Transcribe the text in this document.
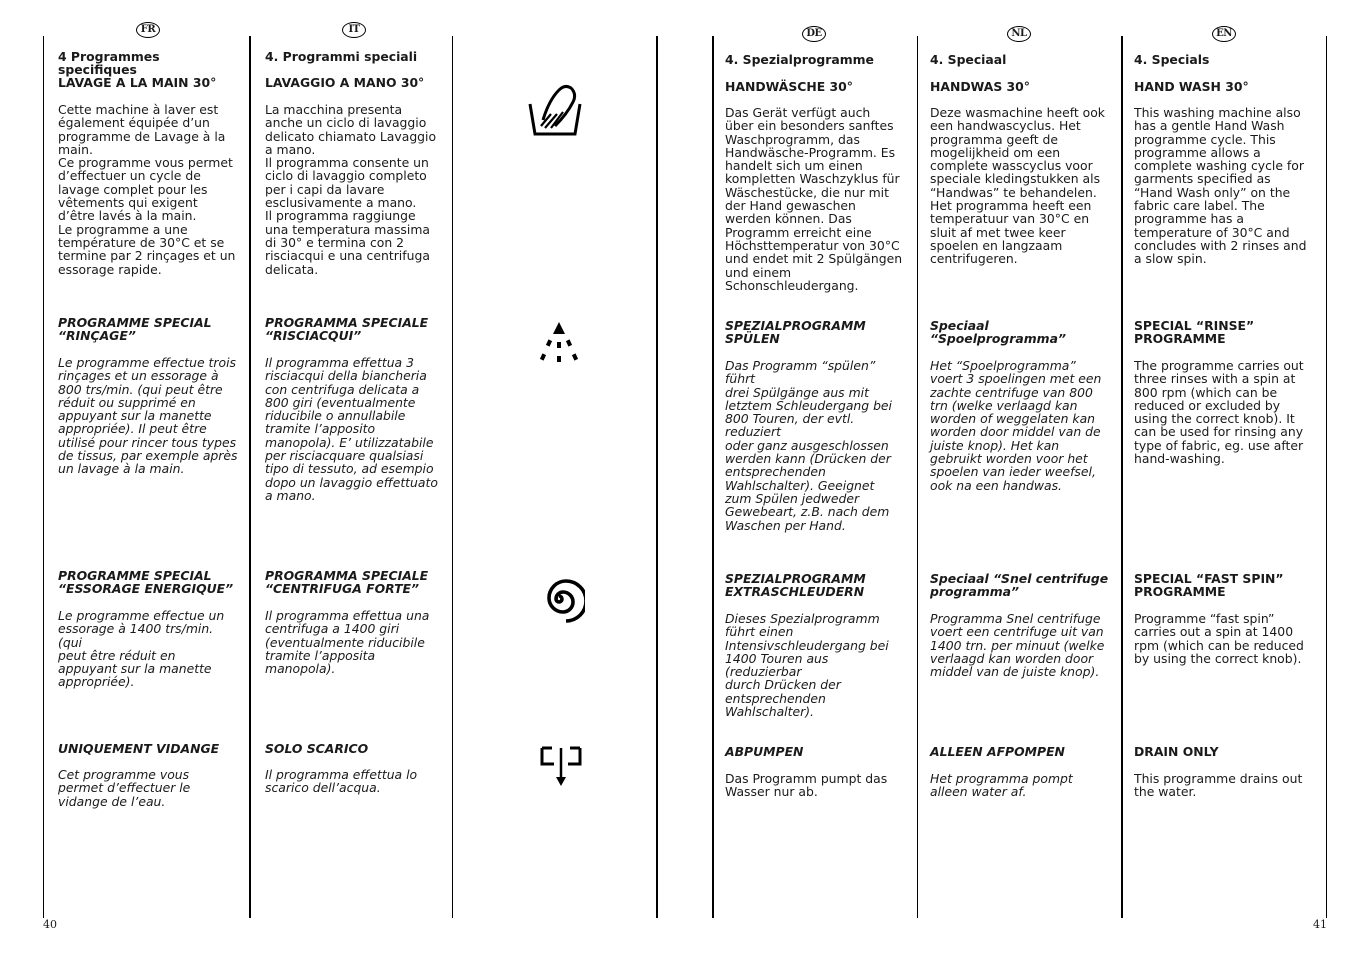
FR	IT	DE	NL	EN

4 Programmes specifiques

LAVAGE A LA MAIN 30°

Cette machine à laver est
également équipée d’un
programme de Lavage à la
main.
Ce programme vous permet
d’effectuer un cycle de
lavage complet pour les
vêtements qui exigent
d’être lavés à la main.
Le programme a une
température de 30°C et se
termine par 2 rinçages et un
essorage rapide.

PROGRAMME SPECIAL
“RINÇAGE”

Le programme effectue trois
rinçages et un essorage à
800 trs/min. (qui peut être
réduit ou supprimé en
appuyant sur la manette
appropriée). Il peut être
utilisé pour rincer tous types
de tissus, par exemple après
un lavage à la main.

PROGRAMME SPECIAL
“ESSORAGE ENERGIQUE”

Le programme effectue un
essorage à 1400 trs/min. (qui
peut être réduit en
appuyant sur la manette
appropriée).

UNIQUEMENT VIDANGE

Cet programme vous
permet d’effectuer le
vidange de l’eau.

4. Programmi speciali

LAVAGGIO A MANO 30°

La macchina presenta
anche un ciclo di lavaggio
delicato chiamato Lavaggio
a mano.
Il programma consente un
ciclo di lavaggio completo
per i capi da lavare
esclusivamente a mano.
Il programma raggiunge
una temperatura massima
di 30° e termina con 2
risciacqui e una centrifuga
delicata.

PROGRAMMA SPECIALE
“RISCIACQUI”

Il programma effettua 3
risciacqui della biancheria
con centrifuga delicata a
800 giri (eventualmente
riducibile o annullabile
tramite l’apposito
manopola). E’ utilizzatabile
per risciacquare qualsiasi
tipo di tessuto, ad esempio
dopo un lavaggio effettuato
a mano.

PROGRAMMA SPECIALE
“CENTRIFUGA FORTE”

Il programma effettua una
centrifuga a 1400 giri
(eventualmente riducibile
tramite l’apposita
manopola).

SOLO SCARICO

Il programma effettua lo
scarico dell’acqua.

4. Spezialprogramme

HANDWÄSCHE 30°

Das Gerät verfügt auch
über ein besonders sanftes
Waschprogramm, das
Handwäsche-Programm. Es
handelt sich um einen
kompletten Waschzyklus für
Wäschestücke, die nur mit
der Hand gewaschen
werden können. Das
Programm erreicht eine
Höchsttemperatur von 30°C
und endet mit 2 Spülgängen
und einem
Schonschleudergang.

SPEZIALPROGRAMM SPÜLEN

Das Programm “spülen” führt
drei Spülgänge aus mit
letztem Schleudergang bei
800 Touren, der evtl. reduziert
oder ganz ausgeschlossen
werden kann (Drücken der
entsprechenden
Wahlschalter). Geeignet
zum Spülen jedweder
Gewebeart, z.B. nach dem
Waschen per Hand.

SPEZIALPROGRAMM
EXTRASCHLEUDERN

Dieses Spezialprogramm
führt einen
Intensivschleudergang bei
1400 Touren aus (reduzierbar
durch Drücken der
entsprechenden
Wahlschalter).

ABPUMPEN

Das Programm pumpt das
Wasser nur ab.

4. Speciaal

HANDWAS 30°

Deze wasmachine heeft ook
een handwascyclus. Het
programma geeft de
mogelijkheid om een
complete wasscyclus voor
speciale kledingstukken als
“Handwas” te behandelen.
Het programma heeft een
temperatuur van 30°C en
sluit af met twee keer
spoelen en langzaam
centrifugeren.

Speciaal
“Spoelprogramma”

Het “Spoelprogramma”
voert 3 spoelingen met een
zachte centrifuge van 800
trn (welke verlaagd kan
worden of weggelaten kan
worden door middel van de
juiste knop). Het kan
gebruikt worden voor het
spoelen van ieder weefsel,
ook na een handwas.

Speciaal “Snel centrifuge
programma”

Programma Snel centrifuge
voert een centrifuge uit van
1400 trn. per minuut (welke
verlaagd kan worden door
middel van de juiste knop).

ALLEEN AFPOMPEN

Het programma pompt
alleen water af.

4. Specials

HAND WASH 30°

This washing machine also
has a gentle Hand Wash
programme cycle. This
programme allows a
complete washing cycle for
garments specified as
“Hand Wash only” on the
fabric care label. The
programme has a
temperature of 30°C and
concludes with 2 rinses and
a slow spin.

SPECIAL “RINSE”
PROGRAMME

The programme carries out
three rinses with a spin at
800 rpm (which can be
reduced or excluded by
using the correct knob). It
can be used for rinsing any
type of fabric, eg. use after
hand-washing.

SPECIAL “FAST SPIN”
PROGRAMME

Programme “fast spin”
carries out a spin at 1400
rpm (which can be reduced
by using the correct knob).

DRAIN ONLY

This programme drains out
the water.

40	41
